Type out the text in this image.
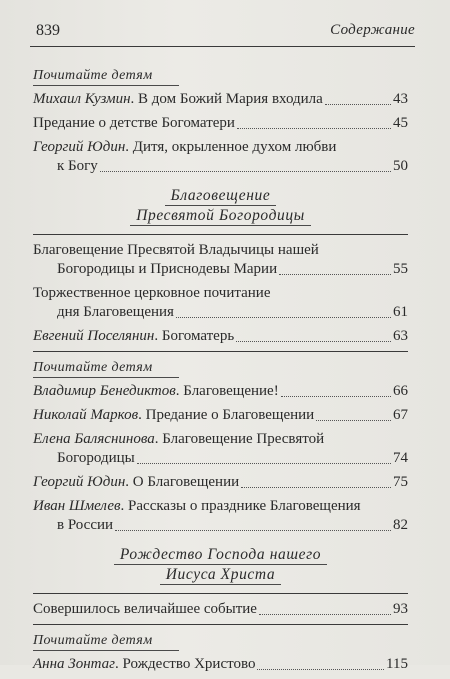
839	Содержание
Почитайте детям
Михаил Кузмин. В дом Божий Мария входила	43
Предание о детстве Богоматери	45
Георгий Юдин. Дитя, окрыленное духом любви
к Богу	50
Благовещение
Пресвятой Богородицы
Благовещение Пресвятой Владычицы нашей
Богородицы и Приснодевы Марии	55
Торжественное церковное почитание
дня Благовещения	61
Евгений Поселянин. Богоматерь	63
Почитайте детям
Владимир Бенедиктов. Благовещение!	66
Николай Марков. Предание о Благовещении	67
Елена Баляснинова. Благовещение Пресвятой
Богородицы	74
Георгий Юдин. О Благовещении	75
Иван Шмелев. Рассказы о празднике Благовещения
в России	82
Рождество Господа нашего
Иисуса Христа
Совершилось величайшее событие	93
Почитайте детям
Анна Зонтаг. Рождество Христово	115
